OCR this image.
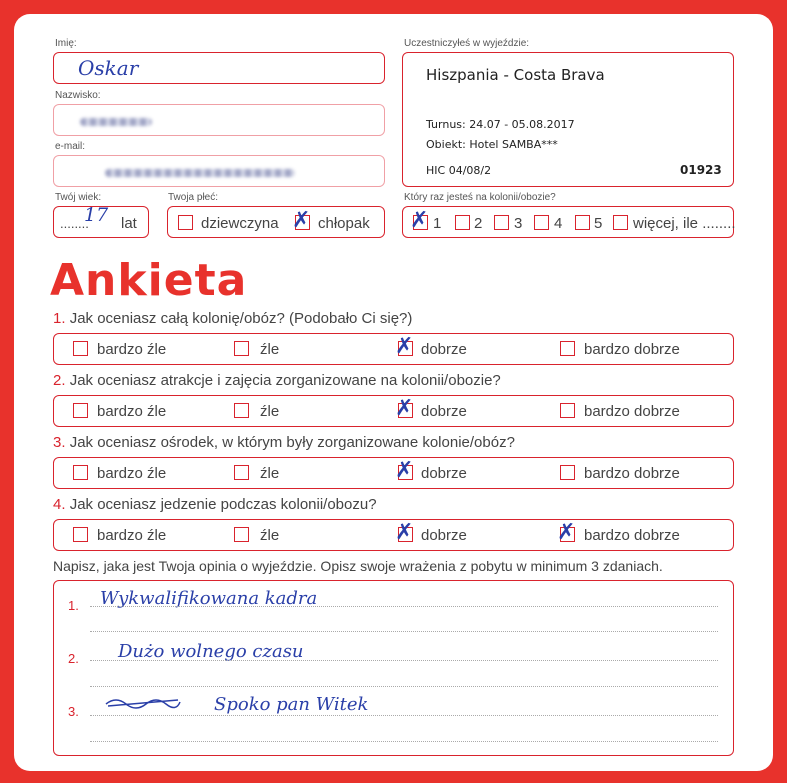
Imię:
Oskar
Nazwisko:
e-mail:
Twój wiek:
........
17 lat
Twoja płeć:
dziewczyna ✗ chłopak
Uczestniczyłeś w wyjeździe:
Hiszpania - Costa Brava
Turnus: 24.07 - 05.08.2017
Obiekt: Hotel SAMBA***
HIC 04/08/2	01923
Który raz jesteś na kolonii/obozie?
✗ 1 2 3 4 5 więcej, ile ........
Ankieta
1. Jak oceniasz całą kolonię/obóz? (Podobało Ci się?)
bardzo źle	źle	✗ dobrze	bardzo dobrze
2. Jak oceniasz atrakcje i zajęcia zorganizowane na kolonii/obozie?
bardzo źle	źle	✗ dobrze	bardzo dobrze
3. Jak oceniasz ośrodek, w którym były zorganizowane kolonie/obóz?
bardzo źle	źle	✗ dobrze	bardzo dobrze
4. Jak oceniasz jedzenie podczas kolonii/obozu?
bardzo źle	źle	✗ dobrze	✗ bardzo dobrze
Napisz, jaka jest Twoja opinia o wyjeździe. Opisz swoje wrażenia z pobytu w minimum 3 zdaniach.
1. Wykwalifikowana kadra
2. Dużo wolnego czasu
3.	Spoko pan Witek
